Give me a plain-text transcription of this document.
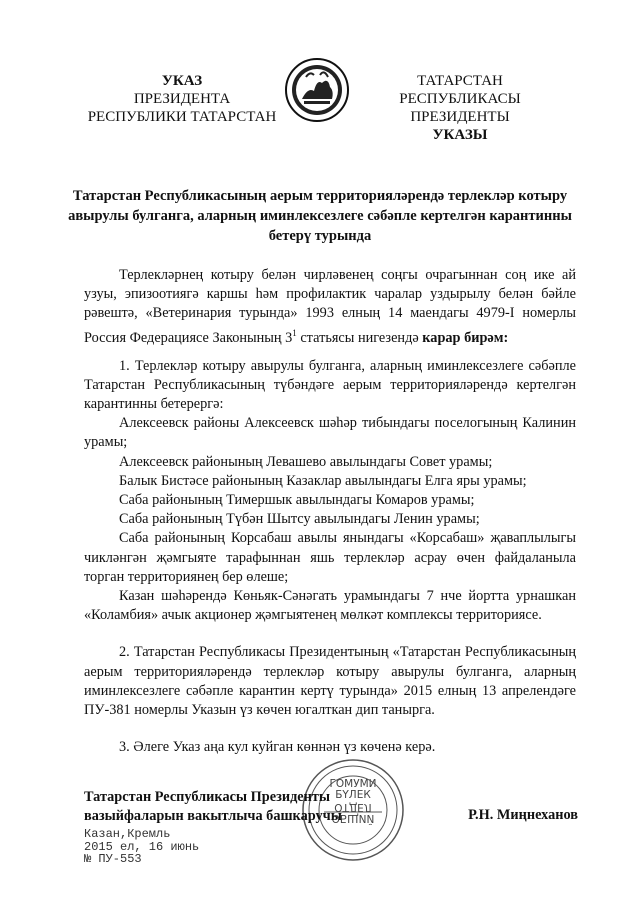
УКАЗ
ПРЕЗИДЕНТА
РЕСПУБЛИКИ ТАТАРСТАН
ТАТАРСТАН РЕСПУБЛИКАСЫ
ПРЕЗИДЕНТЫ
УКАЗЫ
Татарстан Республикасының аерым территорияләрендә терлекләр котыру авырулы булганга, аларның иминлексезлеге сәбәпле кертелгән карантинны бетерү турында

Терлекләрнең котыру белән чирләвенең соңгы очрагыннан соң ике ай узуы, эпизоотиягә каршы һәм профилактик чаралар уздырылу белән бәйле рәвештә, «Ветеринария турында» 1993 елның 14 маендагы 4979-I номерлы Россия Федерациясе Законының $3^1$ статьясы нигезендә карар бирәм:

1. Терлекләр котыру авырулы булганга, аларның иминлексезлеге сәбәпле Татарстан Республикасының түбәндәге аерым территорияләрендә кертелгән карантинны бетерергә:

Алексеевск районы Алексеевск шәһәр тибындагы поселогының Калинин урамы;

Алексеевск районының Левашево авылындагы Совет урамы;

Балык Бистәсе районының Казаклар авылындагы Елга яры урамы;

Саба районының Тимершык авылындагы Комаров урамы;

Саба районының Түбән Шытсу авылындагы Ленин урамы;

Саба районының Корсабаш авылы янындагы «Корсабаш» җаваплылыгы чикләнгән җәмгыяте тарафыннан яшь терлекләр асрау өчен файдаланыла торган территориянең бер өлеше;

Казан шәһәрендә Көньяк-Сәнәгать урамындагы 7 нче йортта урнашкан «Коламбия» ачык акционер җәмгыятенең мөлкәт комплексы территориясе.

2. Татарстан Республикасы Президентының «Татарстан Республикасының аерым территорияләрендә терлекләр котыру авырулы булганга, аларның иминлексезлеге сәбәпле карантин кертү турында» 2015 елның 13 апрелендәге ПУ-381 номерлы Указын үз көчен югалткан дип танырга.

3. Әлеге Указ аңа кул куйган көннән үз көченә керә.

ГОМУМИ
БҮЛЕК
ОТДЕЛ
ОБЩИЙ
Татарстан Республикасы Президенты
вазыйфаларын вакытлыча башкаручы	Р.Н. Миңнеханов
Казан,Кремль
2015 ел, 16 июнь
№ ПУ-553
